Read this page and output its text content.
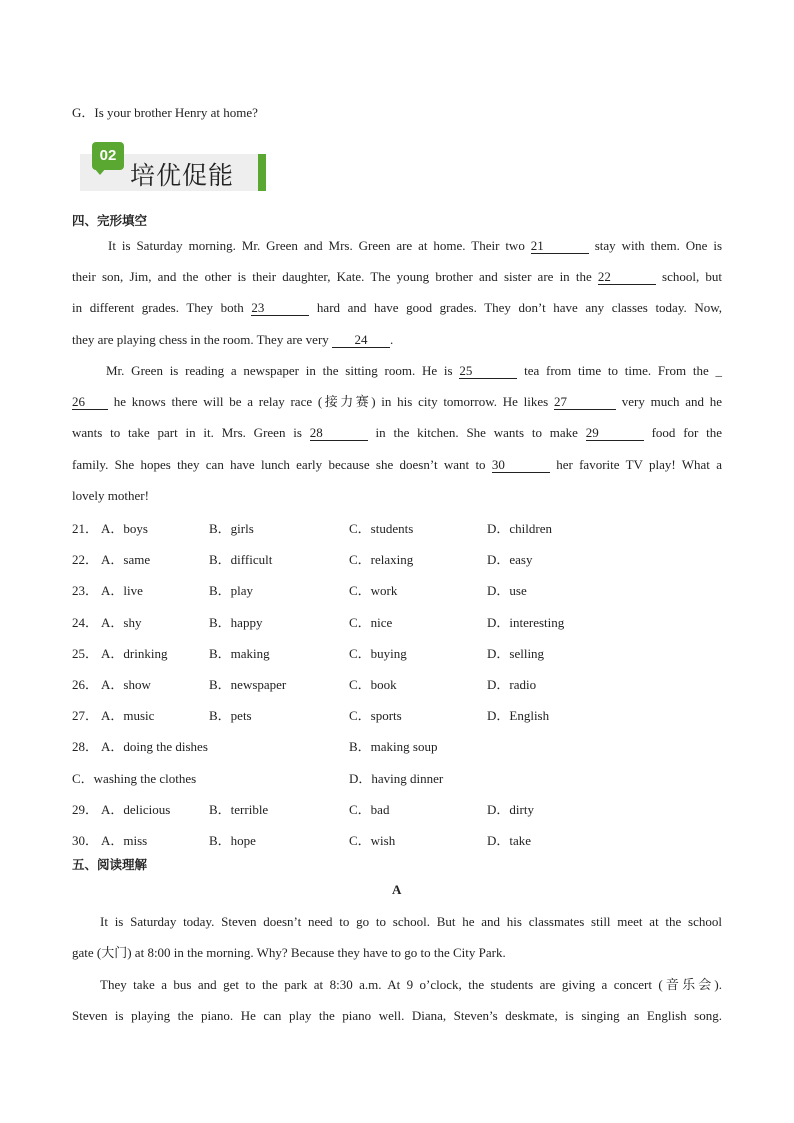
G．Is your brother Henry at home?
02
培优促能
四、完形填空
It is Saturday morning. Mr. Green and Mrs. Green are at home. Their two 21	stay with them. One is
their son, Jim, and the other is their daughter, Kate. The young brother and sister are in the 22	school, but
in different grades. They both 23	hard and have good grades. They don’t have any classes today. Now,
they are playing chess in the room. They are very 24 .
Mr. Green is reading a newspaper in the sitting room. He is 25	tea from time to time. From the _
26 he knows there will be a relay race (接力赛) in his city tomorrow. He likes 27	very much and he
wants to take part in it. Mrs. Green is 28	in the kitchen. She wants to make 29	food for the
family. She hopes they can have lunch early because she doesn’t want to 30	her favorite TV play! What a
lovely mother!
21． A．boys	B．girls	C．students	D．children
22． A．same	B．difficult	C．relaxing	D．easy
23． A．live	B．play	C．work	D．use
24． A．shy	B．happy	C．nice	D．interesting
25． A．drinking	B．making	C．buying	D．selling
26． A．show	B．newspaper	C．book	D．radio
27． A．music	B．pets	C．sports	D．English
28． A．doing the dishes	B．making soup
C．washing the clothes	D．having dinner
29． A．delicious	B．terrible	C．bad	D．dirty
30． A．miss	B．hope	C．wish	D．take
五、阅读理解
A
It is Saturday today. Steven doesn’t need to go to school. But he and his classmates still meet at the school
gate (大门) at 8:00 in the morning. Why? Because they have to go to the City Park.
They take a bus and get to the park at 8:30 a.m. At 9 o’clock, the students are giving a concert (音乐会).
Steven is playing the piano. He can play the piano well. Diana, Steven’s deskmate, is singing an English song.
